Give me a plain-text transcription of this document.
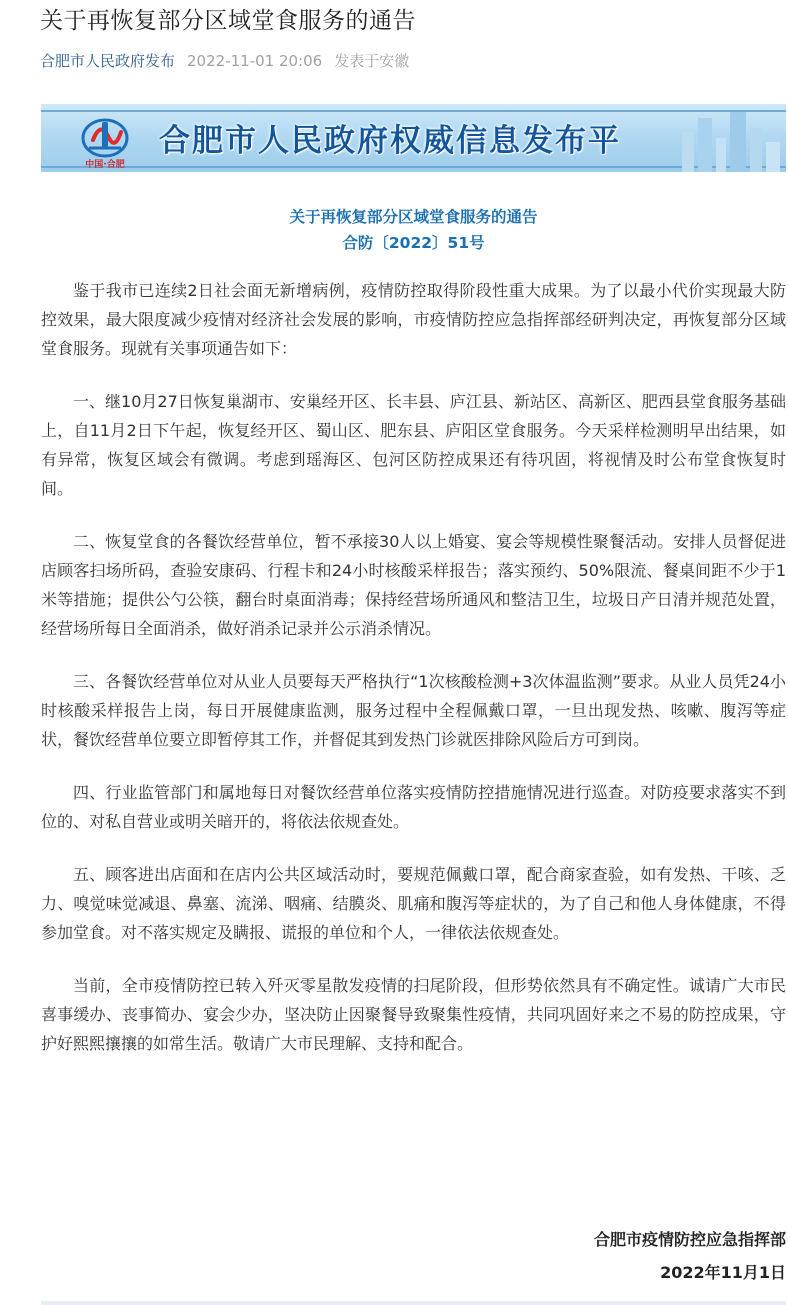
关于再恢复部分区域堂食服务的通告
合肥市人民政府发布 2022-11-01 20:06 发表于安徽
中国·合肥
合肥市人民政府权威信息发布平
关于再恢复部分区域堂食服务的通告
合防〔2022〕51号

鉴于我市已连续2日社会面无新增病例，疫情防控取得阶段性重大成果。为了以最小代价实现最大防控效果，最大限度减少疫情对经济社会发展的影响，市疫情防控应急指挥部经研判决定，再恢复部分区域堂食服务。现就有关事项通告如下：

一、继10月27日恢复巢湖市、安巢经开区、长丰县、庐江县、新站区、高新区、肥西县堂食服务基础上，自11月2日下午起，恢复经开区、蜀山区、肥东县、庐阳区堂食服务。今天采样检测明早出结果，如有异常，恢复区域会有微调。考虑到瑶海区、包河区防控成果还有待巩固，将视情及时公布堂食恢复时间。

二、恢复堂食的各餐饮经营单位，暂不承接30人以上婚宴、宴会等规模性聚餐活动。安排人员督促进店顾客扫场所码，查验安康码、行程卡和24小时核酸采样报告；落实预约、50%限流、餐桌间距不少于1米等措施；提供公勺公筷，翻台时桌面消毒；保持经营场所通风和整洁卫生，垃圾日产日清并规范处置，经营场所每日全面消杀，做好消杀记录并公示消杀情况。

三、各餐饮经营单位对从业人员要每天严格执行“1次核酸检测+3次体温监测”要求。从业人员凭24小时核酸采样报告上岗，每日开展健康监测，服务过程中全程佩戴口罩，一旦出现发热、咳嗽、腹泻等症状，餐饮经营单位要立即暂停其工作，并督促其到发热门诊就医排除风险后方可到岗。

四、行业监管部门和属地每日对餐饮经营单位落实疫情防控措施情况进行巡查。对防疫要求落实不到位的、对私自营业或明关暗开的，将依法依规查处。

五、顾客进出店面和在店内公共区域活动时，要规范佩戴口罩，配合商家查验，如有发热、干咳、乏力、嗅觉味觉减退、鼻塞、流涕、咽痛、结膜炎、肌痛和腹泻等症状的，为了自己和他人身体健康，不得参加堂食。对不落实规定及瞒报、谎报的单位和个人，一律依法依规查处。

当前，全市疫情防控已转入歼灭零星散发疫情的扫尾阶段，但形势依然具有不确定性。诚请广大市民喜事缓办、丧事简办、宴会少办，坚决防止因聚餐导致聚集性疫情，共同巩固好来之不易的防控成果，守护好熙熙攘攘的如常生活。敬请广大市民理解、支持和配合。

合肥市疫情防控应急指挥部
2022年11月1日
